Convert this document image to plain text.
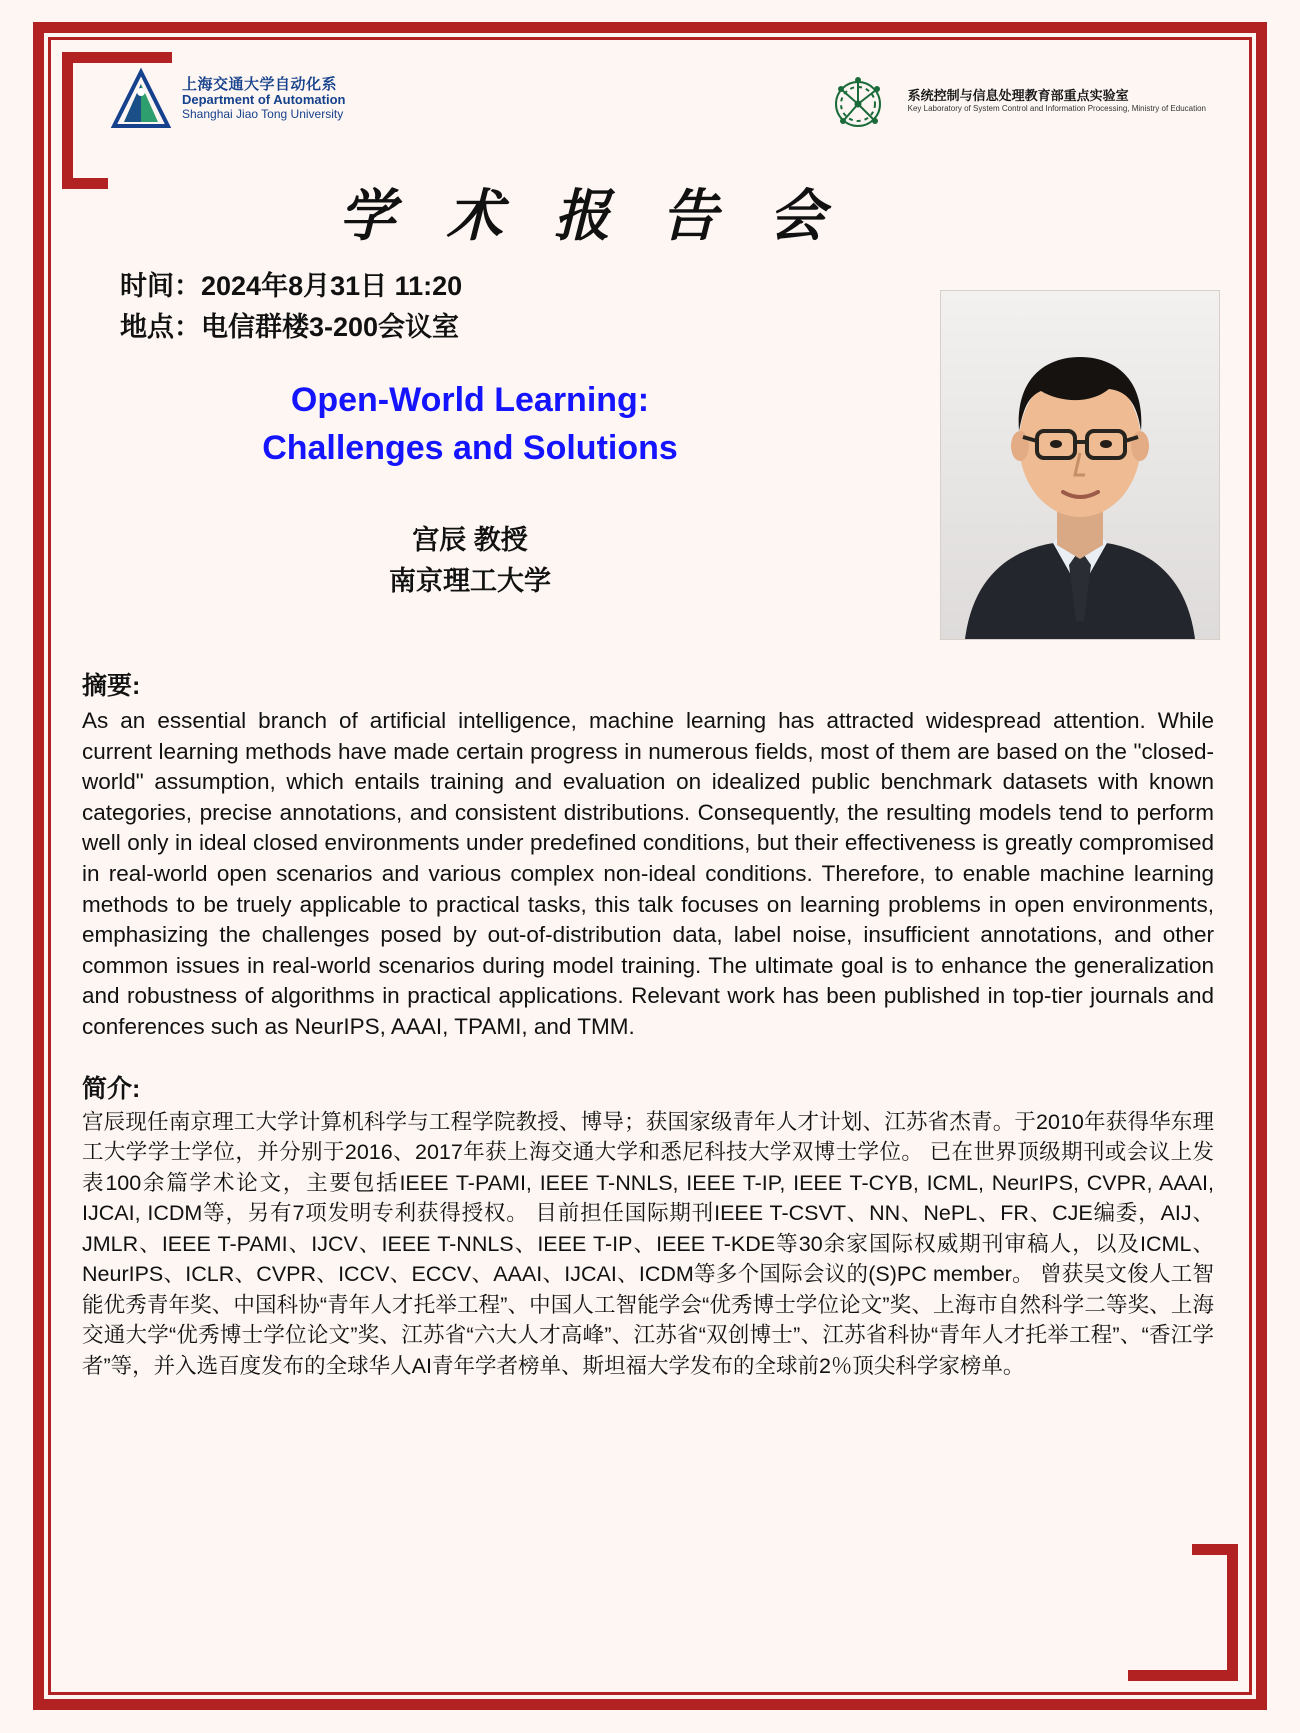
上海交通大学自动化系
Department of Automation
Shanghai Jiao Tong University
系统控制与信息处理教育部重点实验室
Key Laboratory of System Control and Information Processing, Ministry of Education
学 术 报 告 会
时间：2024年8月31日 11:20
地点：电信群楼3-200会议室
Open-World Learning:
Challenges and Solutions
宫辰 教授
南京理工大学
摘要:
As an essential branch of artificial intelligence, machine learning has attracted widespread attention. While current learning methods have made certain progress in numerous fields, most of them are based on the "closed-world" assumption, which entails training and evaluation on idealized public benchmark datasets with known categories, precise annotations, and consistent distributions. Consequently, the resulting models tend to perform well only in ideal closed environments under predefined conditions, but their effectiveness is greatly compromised in real-world open scenarios and various complex non-ideal conditions. Therefore, to enable machine learning methods to be truely applicable to practical tasks, this talk focuses on learning problems in open environments, emphasizing the challenges posed by out-of-distribution data, label noise, insufficient annotations, and other common issues in real-world scenarios during model training. The ultimate goal is to enhance the generalization and robustness of algorithms in practical applications. Relevant work has been published in top-tier journals and conferences such as NeurIPS, AAAI, TPAMI, and TMM.
简介:
宫辰现任南京理工大学计算机科学与工程学院教授、博导；获国家级青年人才计划、江苏省杰青。于2010年获得华东理工大学学士学位，并分别于2016、2017年获上海交通大学和悉尼科技大学双博士学位。 已在世界顶级期刊或会议上发表100余篇学术论文，主要包括IEEE T-PAMI, IEEE T-NNLS, IEEE T-IP, IEEE T-CYB, ICML, NeurIPS, CVPR, AAAI, IJCAI, ICDM等，另有7项发明专利获得授权。 目前担任国际期刊IEEE T-CSVT、NN、NePL、FR、CJE编委，AIJ、JMLR、IEEE T-PAMI、IJCV、IEEE T-NNLS、IEEE T-IP、IEEE T-KDE等30余家国际权威期刊审稿人，以及ICML、NeurIPS、ICLR、CVPR、ICCV、ECCV、AAAI、IJCAI、ICDM等多个国际会议的(S)PC member。 曾获吴文俊人工智能优秀青年奖、中国科协“青年人才托举工程”、中国人工智能学会“优秀博士学位论文”奖、上海市自然科学二等奖、上海交通大学“优秀博士学位论文”奖、江苏省“六大人才高峰”、江苏省“双创博士”、江苏省科协“青年人才托举工程”、“香江学者”等，并入选百度发布的全球华人AI青年学者榜单、斯坦福大学发布的全球前2％顶尖科学家榜单。
